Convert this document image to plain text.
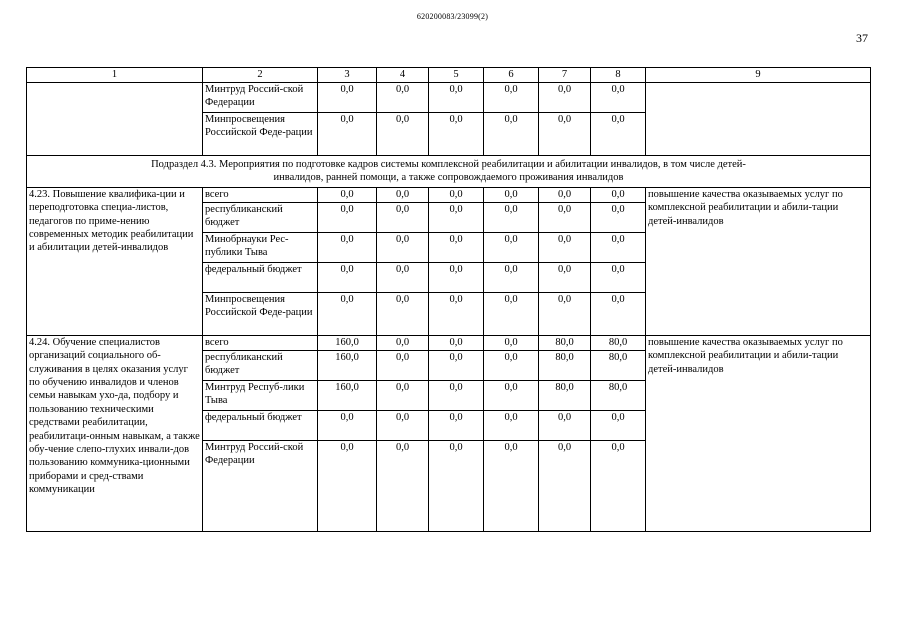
620200083/23099(2)
37
1	2	3	4	5	6	7	8	9
	Минтруд Россий-ской Федерации	0,0	0,0	0,0	0,0	0,0	0,0	
	Минпросвещения Российской Феде-рации	0,0	0,0	0,0	0,0	0,0	0,0	
Подраздел 4.3. Мероприятия по подготовке кадров системы комплексной реабилитации и абилитации инвалидов, в том числе детей-инвалидов, ранней помощи, а также сопровождаемого проживания инвалидов								
4.23. Повышение квалифика-ции и переподготовка специа-листов, педагогов по приме-нению современных методик реабилитации и абилитации детей-инвалидов	всего	0,0	0,0	0,0	0,0	0,0	0,0	повышение качества оказываемых услуг по комплексной реабилитации и абили-тации детей-инвалидов
	республиканский бюджет	0,0	0,0	0,0	0,0	0,0	0,0	
	Минобрнауки Рес-публики Тыва	0,0	0,0	0,0	0,0	0,0	0,0	
	федеральный бюджет	0,0	0,0	0,0	0,0	0,0	0,0	
	Минпросвещения Российской Феде-рации	0,0	0,0	0,0	0,0	0,0	0,0	
4.24. Обучение специалистов организаций социального об-служивания в целях оказания услуг по обучению инвалидов и членов семьи навыкам ухо-да, подбору и пользованию техническими средствами реабилитации, реабилитаци-онным навыкам, а также обу-чение слепо-глухих инвали-дов пользованию коммуника-ционными приборами и сред-ствами коммуникации	всего	160,0	0,0	0,0	0,0	80,0	80,0	повышение качества оказываемых услуг по комплексной реабилитации и абили-тации детей-инвалидов
	республиканский бюджет	160,0	0,0	0,0	0,0	80,0	80,0	
	Минтруд Респуб-лики Тыва	160,0	0,0	0,0	0,0	80,0	80,0	
	федеральный бюджет	0,0	0,0	0,0	0,0	0,0	0,0	
	Минтруд Россий-ской Федерации	0,0	0,0	0,0	0,0	0,0	0,0	
